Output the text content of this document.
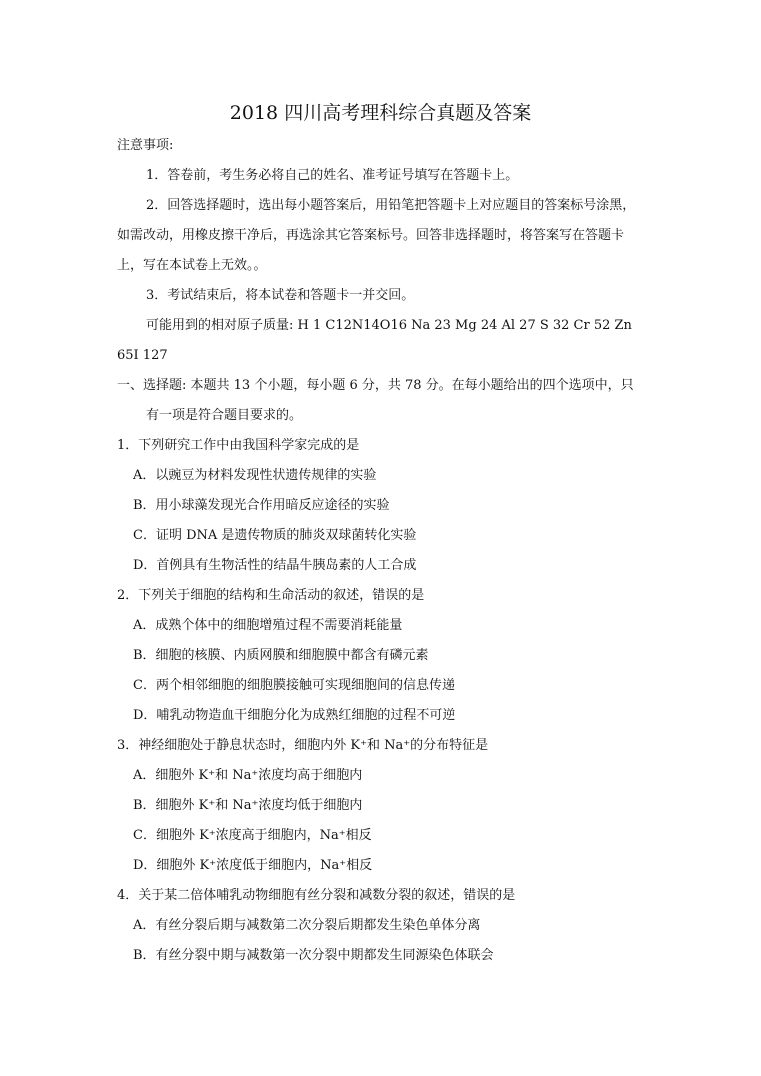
2018 四川高考理科综合真题及答案
注意事项:
1．答卷前，考生务必将自己的姓名、准考证号填写在答题卡上。
2．回答选择题时，选出每小题答案后，用铅笔把答题卡上对应题目的答案标号涂黑，
如需改动，用橡皮擦干净后，再选涂其它答案标号。回答非选择题时，将答案写在答题卡
上，写在本试卷上无效。。
3．考试结束后，将本试卷和答题卡一并交回。
可能用到的相对原子质量: H 1 C12N14O16 Na 23 Mg 24 Al 27 S 32 Cr 52 Zn
65I 127
一、选择题: 本题共 13 个小题，每小题 6 分，共 78 分。在每小题给出的四个选项中，只
有一项是符合题目要求的。
1．下列研究工作中由我国科学家完成的是
A．以豌豆为材料发现性状遗传规律的实验
B．用小球藻发现光合作用暗反应途径的实验
C．证明 DNA 是遗传物质的肺炎双球菌转化实验
D．首例具有生物活性的结晶牛胰岛素的人工合成
2．下列关于细胞的结构和生命活动的叙述，错误的是
A．成熟个体中的细胞增殖过程不需要消耗能量
B．细胞的核膜、内质网膜和细胞膜中都含有磷元素
C．两个相邻细胞的细胞膜接触可实现细胞间的信息传递
D．哺乳动物造血干细胞分化为成熟红细胞的过程不可逆
3．神经细胞处于静息状态时，细胞内外 K⁺和 Na⁺的分布特征是
A．细胞外 K⁺和 Na⁺浓度均高于细胞内
B．细胞外 K⁺和 Na⁺浓度均低于细胞内
C．细胞外 K⁺浓度高于细胞内，Na⁺相反
D．细胞外 K⁺浓度低于细胞内，Na⁺相反
4．关于某二倍体哺乳动物细胞有丝分裂和减数分裂的叙述，错误的是
A．有丝分裂后期与减数第二次分裂后期都发生染色单体分离
B．有丝分裂中期与减数第一次分裂中期都发生同源染色体联会
